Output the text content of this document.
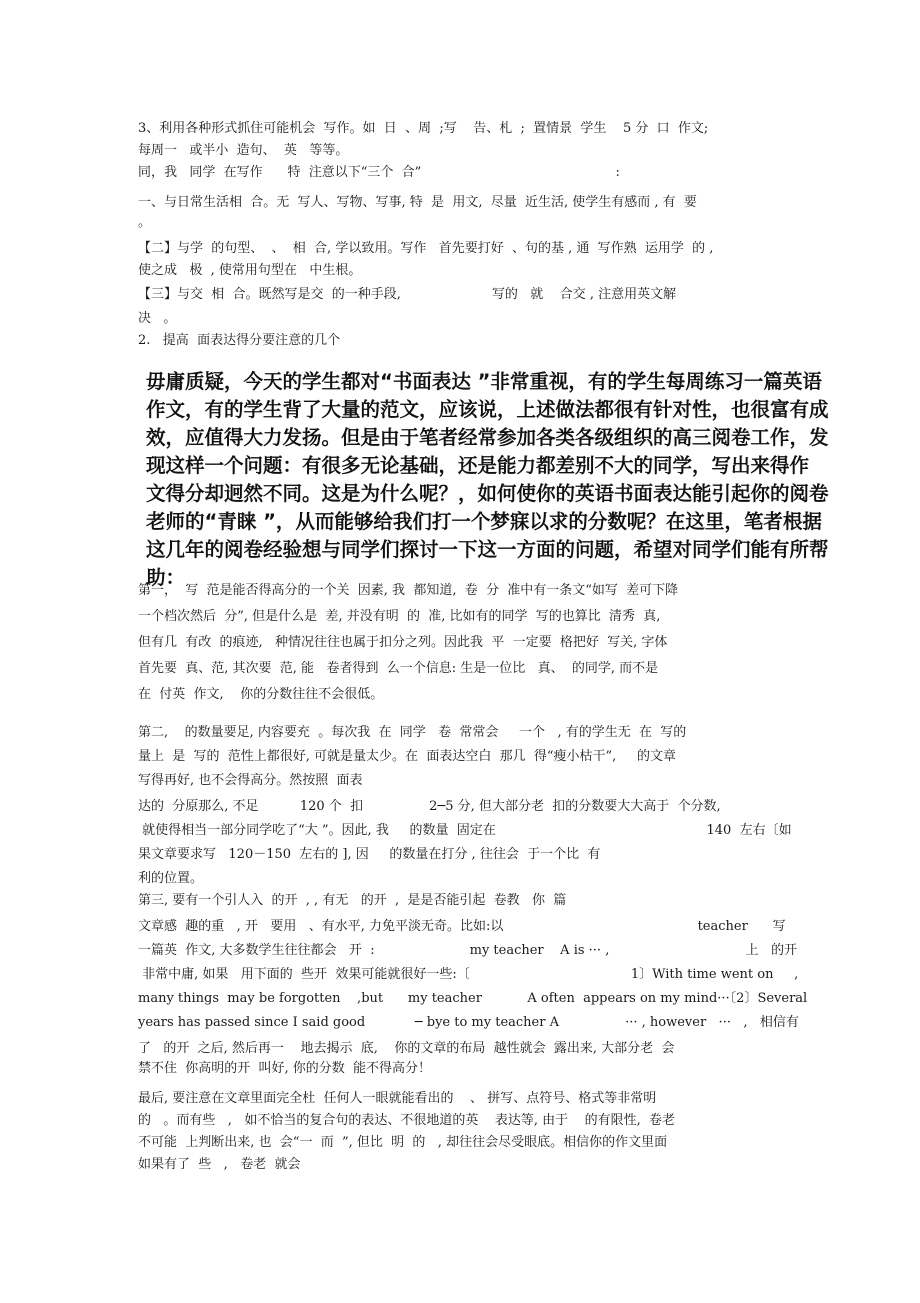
3、利用各种形式抓住可能机会  写作。如  日  、周  ;写    告、札  ;  置情景  学生    5 分  口  作文;
每周一   或半小  造句、  英   等等。
同，我   同学  在写作      特  注意以下“三个  合”                                               :
一、与日常生活相  合。无  写人、写物、写事, 特  是  用文,  尽量  近生活, 使学生有感而 , 有  要
。
【二】与学  的句型、  、  相  合, 学以致用。写作   首先要打好  、句的基 , 通  写作熟  运用学  的 ,
使之成   极  , 使常用句型在   中生根。
【三】与交  相  合。既然写是交  的一种手段,                      写的   就    合交 , 注意用英文解
决   。
2.   提高  面表达得分要注意的几个
毋庸质疑，今天的学生都对“书面表达 ”非常重视，有的学生每周练习一篇英语
作文，有的学生背了大量的范文，应该说，上述做法都很有针对性，也很富有成
效，应值得大力发扬。但是由于笔者经常参加各类各级组织的高三阅卷工作，发
现这样一个问题：有很多无论基础，还是能力都差别不大的同学，写出来得作
文得分却迥然不同。这是为什么呢？，如何使你的英语书面表达能引起你的阅卷
老师的“青睐 ”，从而能够给我们打一个梦寐以求的分数呢？在这里，笔者根据
这几年的阅卷经验想与同学们探讨一下这一方面的问题，希望对同学们能有所帮
助：
第一，  写  范是能否得高分的一个关  因素, 我  都知道,  卷  分  准中有一条文“如写  差可下降
一个档次然后  分”, 但是什么是  差, 并没有明  的  准, 比如有的同学  写的也算比  清秀  真,
但有几  有改  的痕迹,   种情况往往也属于扣分之列。因此我  平  一定要  格把好  写关, 字体
首先要  真、范, 其次要  范, 能   卷者得到  么一个信息: 生是一位比   真、  的同学, 而不是
在  付英  作文,    你的分数往往不会很低。
第二,    的数量要足, 内容要充  。每次我  在  同学   卷  常常会     一个   , 有的学生无  在  写的
量上  是  写的  范性上都很好, 可就是量太少。在  面表达空白  那几  得“瘦小枯干”,     的文章
写得再好, 也不会得高分。然按照  面表
达的  分原那么, 不足          120 个  扣                2─5 分, 但大部分老  扣的分数要大大高于  个分数,
就使得相当一部分同学吃了“大 ”。因此, 我     的数量  固定在                                                   140  左右〔如
果文章要求写   120－150  左右的 ], 因     的数量在打分 , 往往会  于一个比  有
利的位置。
第三, 要有一个引人入  的开  , , 有无   的开  ,  是是否能引起  卷教   你  篇
文章感  趣的重   , 开   要用   、有水平, 力免平淡无奇。比如:以                                               teacher      写
一篇英  作文, 大多数学生往往都会   开  :                       my teacher    A is ··· ,                                 上   的开
非常中庸, 如果   用下面的  些开  效果可能就很好一些:〔                                       1〕With time went on     ,
many things  may be forgotten    ,but      my teacher           A often  appears on my mind···〔2〕Several
years has passed since I said good            ─ bye to my teacher A                ··· , however   ···   ,   相信有
了   的开  之后, 然后再一    地去揭示  底,    你的文章的布局  越性就会  露出来, 大部分老  会
禁不住  你高明的开  叫好, 你的分数  能不得高分！
最后, 要注意在文章里面完全杜  任何人一眼就能看出的    、 拼写、点符号、格式等非常明
的   。而有些   ,   如不恰当的复合句的表达、不很地道的英    表达等, 由于    的有限性,  卷老
不可能  上判断出来, 也  会“一  而  ”, 但比  明  的   , 却往往会尽受眼底。相信你的作文里面
如果有了  些   ,   卷老  就会
